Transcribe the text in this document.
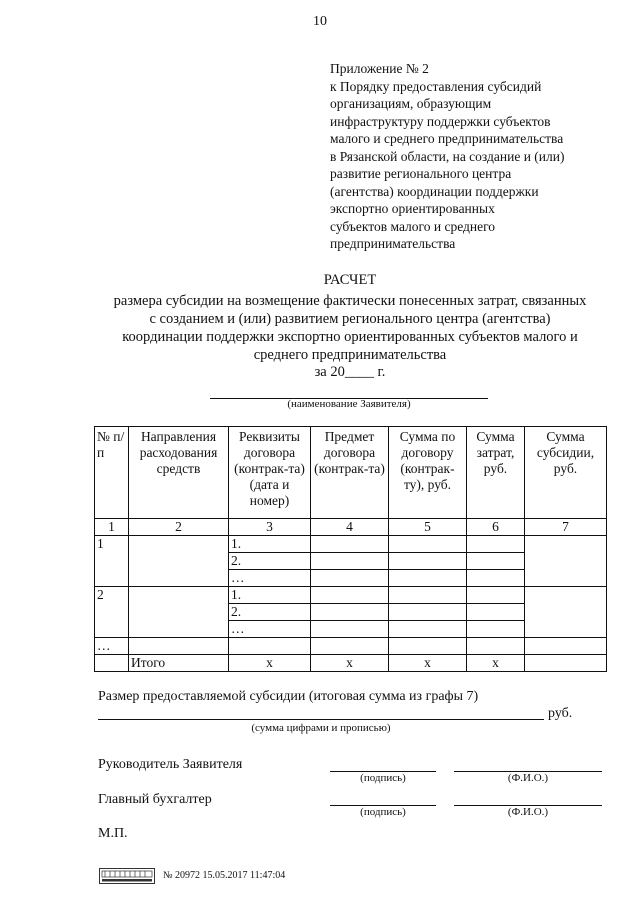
10
Приложение № 2
к Порядку предоставления субсидий
организациям, образующим
инфраструктуру поддержки субъектов
малого и среднего предпринимательства
в Рязанской области, на создание и (или)
развитие регионального центра
(агентства) координации поддержки
экспортно ориентированных
субъектов малого и среднего
предпринимательства
РАСЧЕТ
размера субсидии на возмещение фактически понесенных затрат, связанных
с созданием и (или) развитием регионального центра (агентства)
координации поддержки экспортно ориентированных субъектов малого и
среднего предпринимательства
за 20____ г.
(наименование Заявителя)
№ п/п	Направления расходования средств	Реквизиты договора (контрак-та) (дата и номер)	Предмет договора (контрак-та)	Сумма по договору (контрак-ту), руб.	Сумма затрат, руб.	Сумма субсидии, руб.
1	2	3	4	5	6	7
1		1.				
		2.				
		…				
2		1.				
		2.				
		…				
…						
	Итого	x	x	x	x	
Размер предоставляемой субсидии (итоговая сумма из графы 7)
руб.
(сумма цифрами и прописью)
Руководитель Заявителя
(подпись)	(Ф.И.О.)
Главный бухгалтер
(подпись)	(Ф.И.О.)
М.П.
№ 20972 15.05.2017 11:47:04
